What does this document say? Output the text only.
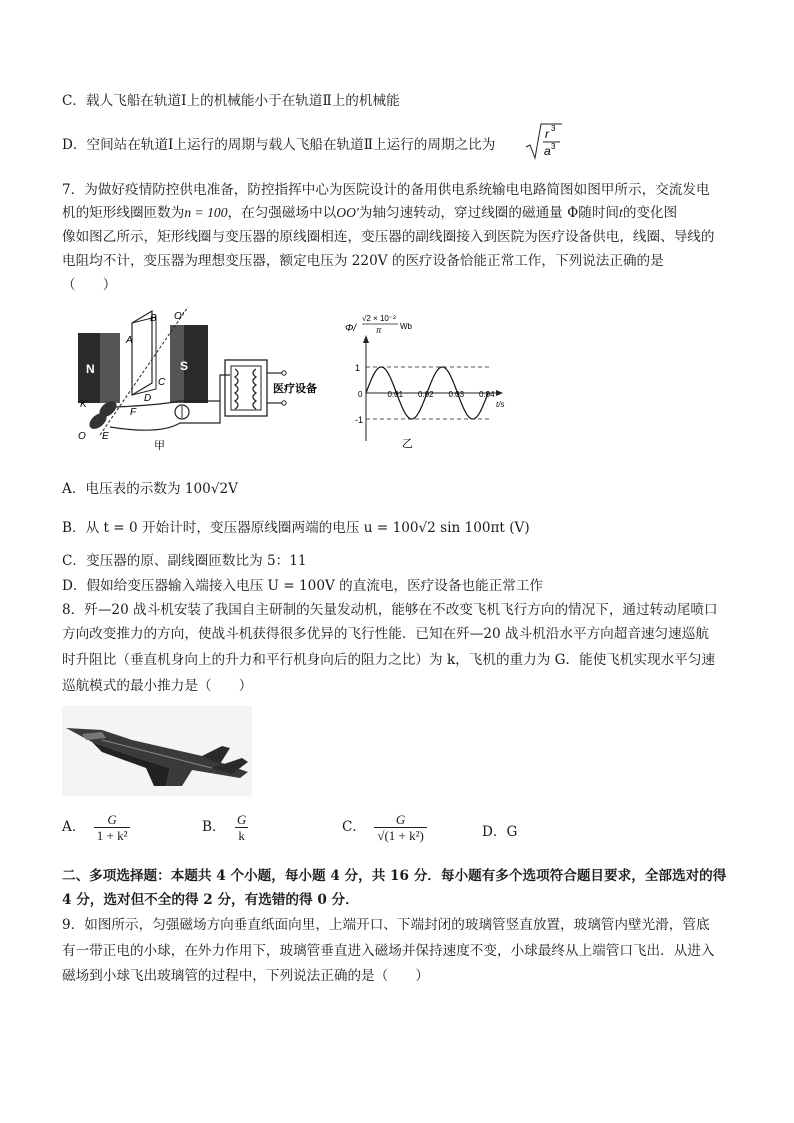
C．载人飞船在轨道Ⅰ上的机械能小于在轨道Ⅱ上的机械能
D．空间站在轨道Ⅰ上运行的周期与载人飞船在轨道Ⅱ上运行的周期之比为
r 3
a 3
7．为做好疫情防控供电准备，防控指挥中心为医院设计的备用供电系统输电电路简图如图甲所示，交流发电
机的矩形线圈匝数为n = 100，在匀强磁场中以OO′为轴匀速转动，穿过线圈的磁通量 Φ随时间t的变化图
像如图乙所示，矩形线圈与变压器的原线圈相连，变压器的副线圈接入到医院为医疗设备供电，线圈、导线的
电阻均不计，变压器为理想变压器，额定电压为 220V 的医疗设备恰能正常工作，下列说法正确的是
（　　）
N	S
A
B
C
D
O′
K
F
E
O
医疗设备
甲
Φ/
√2 × 10⁻²
π Wb
1
-1
0.01 0.02 0.03 0.04
0
t/s
乙
A．电压表的示数为 100√2V
B．从 t = 0 开始计时，变压器原线圈两端的电压 u = 100√2 sin 100πt (V)
C．变压器的原、副线圈匝数比为 5：11
D．假如给变压器输入端接入电压 U = 100V 的直流电，医疗设备也能正常工作
8．歼—20 战斗机安装了我国自主研制的矢量发动机，能够在不改变飞机飞行方向的情况下，通过转动尾喷口
方向改变推力的方向，使战斗机获得很多优异的飞行性能．已知在歼—20 战斗机沿水平方向超音速匀速巡航
时升阻比（垂直机身向上的升力和平行机身向后的阻力之比）为 k，飞机的重力为 G．能使飞机实现水平匀速
巡航模式的最小推力是（　　）
A． $\frac{G}{\text{1 + k²}}$	B． $\frac{G}{k}$	C． $\frac{G}{\text{√(1 + k²)}}$	D．G
二、多项选择题：本题共 4 个小题，每小题 4 分，共 16 分．每小题有多个选项符合题目要求，全部选对的得
4 分，选对但不全的得 2 分，有选错的得 0 分．
9．如图所示，匀强磁场方向垂直纸面向里，上端开口、下端封闭的玻璃管竖直放置，玻璃管内壁光滑，管底
有一带正电的小球，在外力作用下，玻璃管垂直进入磁场并保持速度不变，小球最终从上端管口飞出．从进入
磁场到小球飞出玻璃管的过程中，下列说法正确的是（　　）
